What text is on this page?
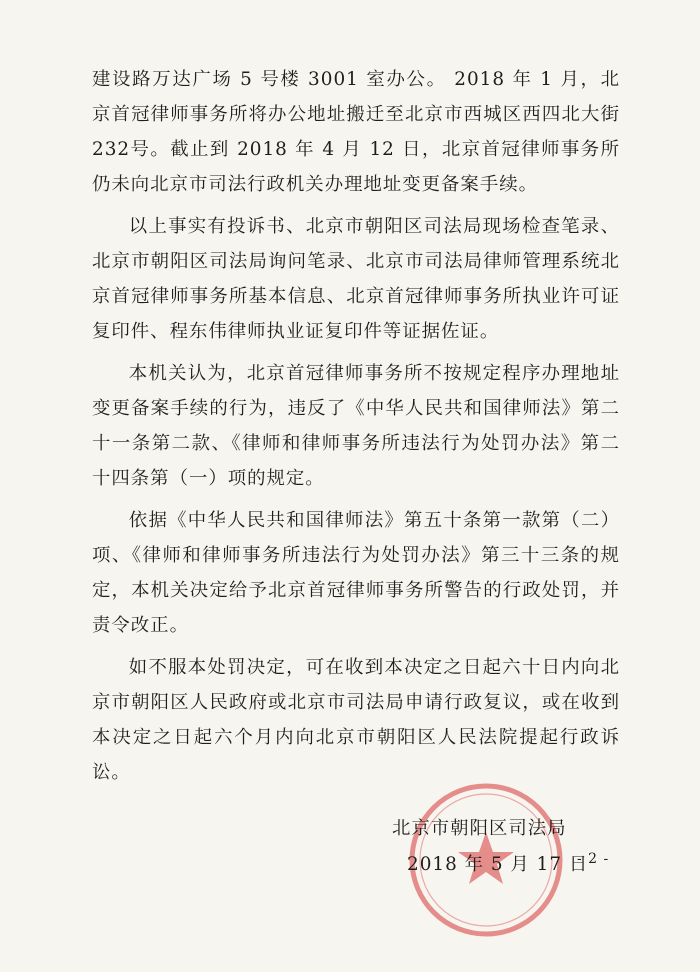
建设路万达广场 5 号楼 3001 室办公。 2018 年 1 月，北京首冠律师事务所将办公地址搬迁至北京市西城区西四北大街232号。截止到 2018 年 4 月 12 日，北京首冠律师事务所仍未向北京市司法行政机关办理地址变更备案手续。

以上事实有投诉书、北京市朝阳区司法局现场检查笔录、北京市朝阳区司法局询问笔录、北京市司法局律师管理系统北京首冠律师事务所基本信息、北京首冠律师事务所执业许可证复印件、程东伟律师执业证复印件等证据佐证。

本机关认为，北京首冠律师事务所不按规定程序办理地址变更备案手续的行为，违反了《中华人民共和国律师法》第二十一条第二款、《律师和律师事务所违法行为处罚办法》第二十四条第（一）项的规定。

依据《中华人民共和国律师法》第五十条第一款第（二）项、《律师和律师事务所违法行为处罚办法》第三十三条的规定，本机关决定给予北京首冠律师事务所警告的行政处罚，并责令改正。

如不服本处罚决定，可在收到本决定之日起六十日内向北京市朝阳区人民政府或北京市司法局申请行政复议，或在收到本决定之日起六个月内向北京市朝阳区人民法院提起行政诉讼。

北京市朝阳区司法局
2018 年 5 月 17 日
- 2 -
